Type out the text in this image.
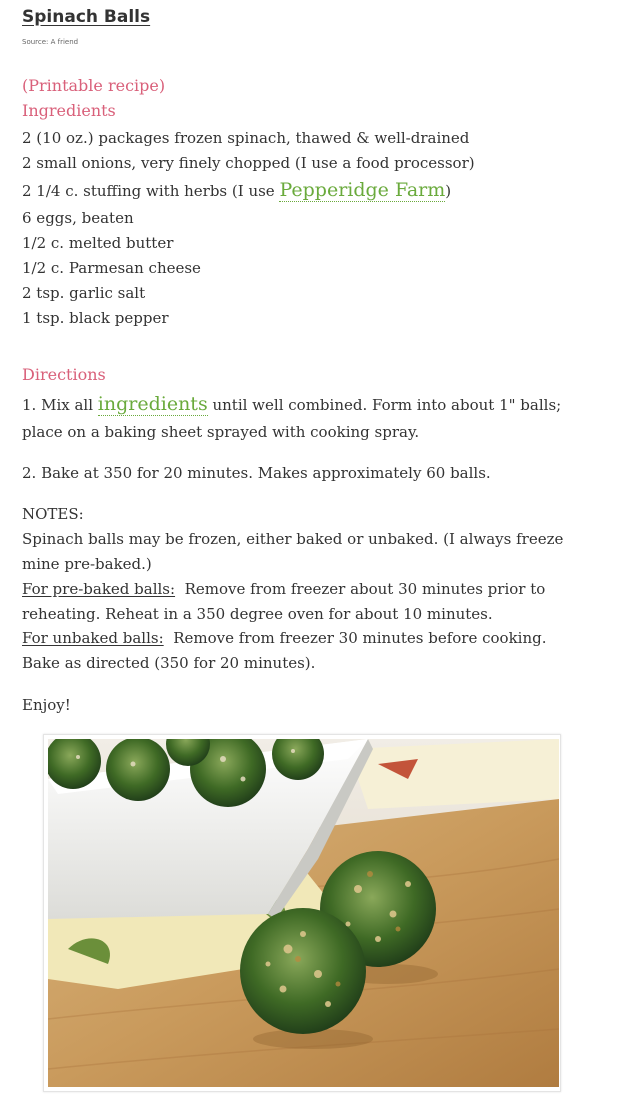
Spinach Balls
Source: A friend
(Printable recipe)
Ingredients
2 (10 oz.) packages frozen spinach, thawed & well-drained
2 small onions, very finely chopped (I use a food processor)
2 1/4 c. stuffing with herbs (I use Pepperidge Farm)
6 eggs, beaten
1/2 c. melted butter
1/2 c. Parmesan cheese
2 tsp. garlic salt
1 tsp. black pepper
Directions
1. Mix all ingredients until well combined. Form into about 1" balls;
place on a baking sheet sprayed with cooking spray.
2. Bake at 350 for 20 minutes. Makes approximately 60 balls.
NOTES:
Spinach balls may be frozen, either baked or unbaked. (I always freeze
mine pre-baked.)
For pre-baked balls:  Remove from freezer about 30 minutes prior to
reheating. Reheat in a 350 degree oven for about 10 minutes.
For unbaked balls:  Remove from freezer 30 minutes before cooking.
Bake as directed (350 for 20 minutes).
Enjoy!
